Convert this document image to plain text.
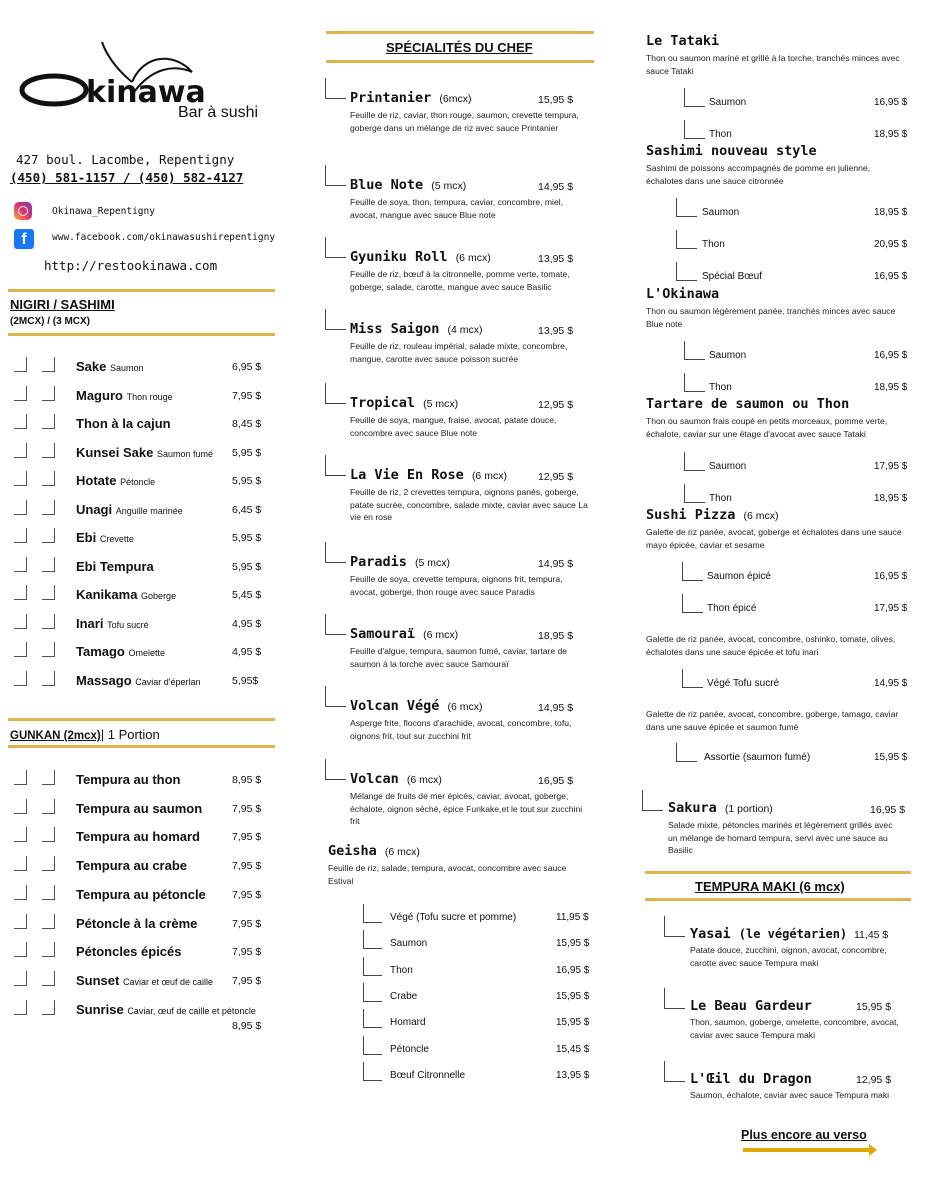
kinawa
Bar à sushi
427 boul. Lacombe, Repentigny
(450) 581-1157 / (450) 582-4127
Okinawa_Repentigny
f	www.facebook.com/okinawasushirepentigny
http://restookinawa.com
NIGIRI / SASHIMI
(2MCX) / (3 MCX)
Sake Saumon	6,95 $
Maguro Thon rouge	7,95 $
Thon à la cajun	8,45 $
Kunsei Sake Saumon fumé 5,95 $
Hotate Pétoncle	5,95 $
Unagi Anguille marinée	6,45 $
Ebi Crevette	5,95 $
Ebi Tempura	5,95 $
Kanikama Goberge	5,45 $
Inari Tofu sucré	4,95 $
Tamago Omelette	4,95 $
Massago Caviar d'éperlan	5,95$
GUNKAN (2mcx)| 1 Portion
Tempura au thon	8,95 $
Tempura au saumon	7,95 $
Tempura au homard	7,95 $
Tempura au crabe	7,95 $
Tempura au pétoncle 7,95 $
Pétoncle à la crème	7,95 $
Pétoncles épicés	7,95 $
Sunset Caviar et œuf de caille 7,95 $
Sunrise Caviar, œuf de caille et pétoncle
8,95 $
SPÉCIALITÉS DU CHEF
Printanier (6mcx)	15,95 $
Feuille de riz, caviar, thon rouge, saumon, crevette tempura, goberge dans un mélange de riz avec sauce Printanier
Blue Note (5 mcx)	14,95 $
Feuille de soya, thon, tempura, caviar, concombre, miel, avocat, mangue avec sauce Blue note
Gyuniku Roll (6 mcx)	13,95 $
Feuille de riz, bœuf à la citronnelle, pomme verte, tomate, goberge, salade, carotte, mangue avec sauce Basilic
Miss Saigon (4 mcx)	13,95 $
Feuille de riz, rouleau impérial, salade mixte, concombre, mangue, carotte avec sauce poisson sucrée
Tropical (5 mcx)	12,95 $
Feuille de soya, mangue, fraise, avocat, patate douce, concombre avec sauce Blue note
La Vie En Rose (6 mcx)	12,95 $
Feuille de riz, 2 crevettes tempura, oignons panés, goberge, patate sucrée, concombre, salade mixte, caviar avec sauce La vie en rose
Paradis (5 mcx)	14,95 $
Feuille de soya, crevette tempura, oignons frit, tempura, avocat, goberge, thon rouge avec sauce Paradis
Samouraï (6 mcx)	18,95 $
Feuille d'algue, tempura, saumon fumé, caviar, tartare de saumon à la torche avec sauce Samouraï
Volcan Végé (6 mcx)	14,95 $
Asperge frite, flocons d'arachide, avocat, concombre, tofu, oignons frit, tout sur zucchini frit
Volcan (6 mcx)	16,95 $
Mélange de fruits de mer épicés, caviar, avocat, goberge, échalote, oignon séché, épice Furikake,et le tout sur zucchini frit
Geisha (6 mcx)
Feuille de riz, salade, tempura, avocat, concombre avec sauce Estival
Végé (Tofu sucre et pomme)	11,95 $
Saumon	15,95 $
Thon	16,95 $
Crabe	15,95 $
Homard	15,95 $
Pétoncle	15,45 $
Bœuf Citronnelle	13,95 $
Le Tataki
Thon ou saumon mariné et grillé à la torche, tranchés minces avec sauce Tataki
Saumon	16,95 $
Thon	18,95 $
Sashimi nouveau style
Sashimi de poissons accompagnés de pomme en julienne, échalotes dans une sauce citronnée
Saumon	18,95 $
Thon	20,95 $
Spécial Bœuf	16,95 $
L'Okinawa
Thon ou saumon légèrement panée, tranchés minces avec sauce Blue note
Saumon	16,95 $
Thon	18,95 $
Tartare de saumon ou Thon
Thon ou saumon frais coupé en petits morceaux, pomme verte, échalote, caviar sur une étage d'avocat avec sauce Tataki
Saumon	17,95 $
Thon	18,95 $
Sushi Pizza (6 mcx)
Galette de riz panée, avocat, goberge et échalotes dans une sauce mayo épicée, caviar et sesame
Saumon épicé	16,95 $
Thon épicé	17,95 $
Galette de riz panée, avocat, concombre, oshinko, tomate, olives, échalotes dans une sauce épicée et tofu inari
Végé Tofu sucré	14,95 $
Galette de riz panée, avocat, concombre, goberge, tamago, caviar dans une sauve épicée et saumon fumé
Assortie (saumon fumé)	15,95 $
Sakura (1 portion)	16,95 $
Salade mixte, pétoncles marinés et légèrement grillés avec un mélange de homard tempura, servi avec une sauce au Basilic
TEMPURA MAKI (6 mcx)
Yasai (le végétarien) 11,45 $
Patate douce, zucchini, oignon, avocat, concombre, carotte avec sauce Tempura maki
Le Beau Gardeur	15,95 $
Thon, saumon, goberge, omelette, concombre, avocat, caviar avec sauce Tempura maki
L'Œil du Dragon	12,95 $
Saumon, échalote, caviar avec sauce Tempura maki
Plus encore au verso
